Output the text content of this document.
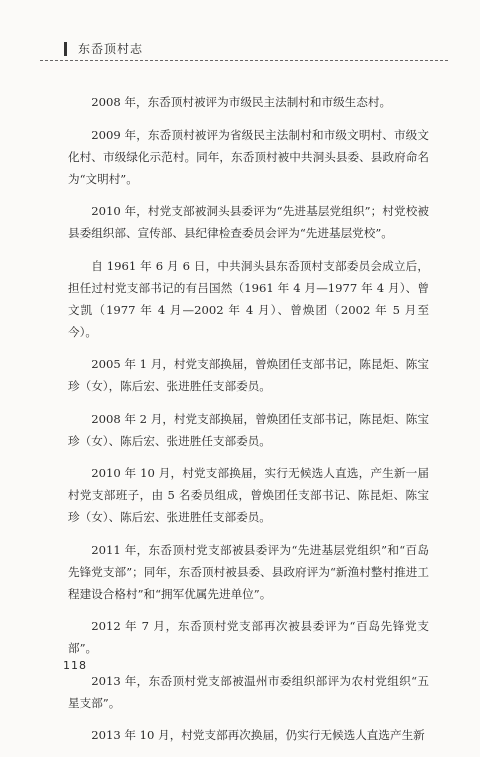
东岙顶村志

2008 年，东岙顶村被评为市级民主法制村和市级生态村。

2009 年，东岙顶村被评为省级民主法制村和市级文明村、市级文化村、市级绿化示范村。同年，东岙顶村被中共洞头县委、县政府命名为“文明村”。

2010 年，村党支部被洞头县委评为“先进基层党组织”；村党校被县委组织部、宣传部、县纪律检查委员会评为“先进基层党校”。

自 1961 年 6 月 6 日，中共洞头县东岙顶村支部委员会成立后，担任过村党支部书记的有吕国然（1961 年 4 月—1977 年 4 月）、曾文凯（1977 年 4 月—2002 年 4 月）、曾焕团（2002 年 5 月至今）。

2005 年 1 月，村党支部换届，曾焕团任支部书记，陈昆炬、陈宝珍（女），陈后宏、张进胜任支部委员。

2008 年 2 月，村党支部换届，曾焕团任支部书记，陈昆炬、陈宝珍（女）、陈后宏、张进胜任支部委员。

2010 年 10 月，村党支部换届，实行无候选人直选，产生新一届村党支部班子，由 5 名委员组成，曾焕团任支部书记、陈昆炬、陈宝珍（女）、陈后宏、张进胜任支部委员。

2011 年，东岙顶村党支部被县委评为“先进基层党组织”和“百岛先锋党支部”；同年，东岙顶村被县委、县政府评为“新渔村整村推进工程建设合格村”和“拥军优属先进单位”。

2012 年 7 月，东岙顶村党支部再次被县委评为“百岛先锋党支部”。

2013 年，东岙顶村党支部被温州市委组织部评为农村党组织“五星支部”。

2013 年 10 月，村党支部再次换届，仍实行无候选人直选产生新

118
